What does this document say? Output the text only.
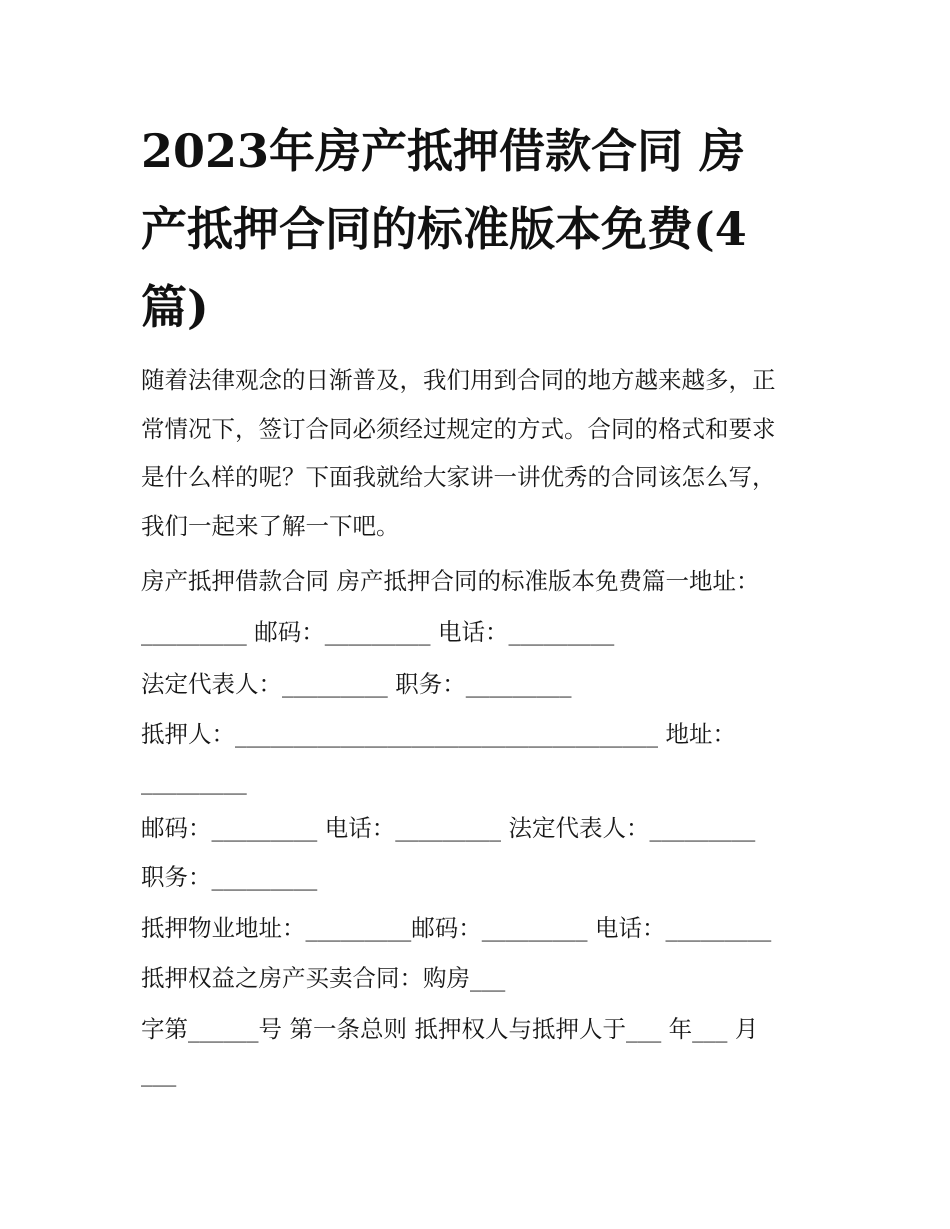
2023年房产抵押借款合同 房
产抵押合同的标准版本免费(4
篇)
随着法律观念的日渐普及，我们用到合同的地方越来越多，正
常情况下，签订合同必须经过规定的方式。合同的格式和要求
是什么样的呢？下面我就给大家讲一讲优秀的合同该怎么写，
我们一起来了解一下吧。
房产抵押借款合同 房产抵押合同的标准版本免费篇一地址：
_________ 邮码：_________ 电话：_________
法定代表人：_________ 职务：_________
抵押人：____________________________________ 地址：
_________
邮码：_________ 电话：_________ 法定代表人：_________
职务：_________
抵押物业地址：_________邮码：_________ 电话：_________
抵押权益之房产买卖合同：购房___
字第______号 第一条总则 抵押权人与抵押人于___ 年___ 月
___
